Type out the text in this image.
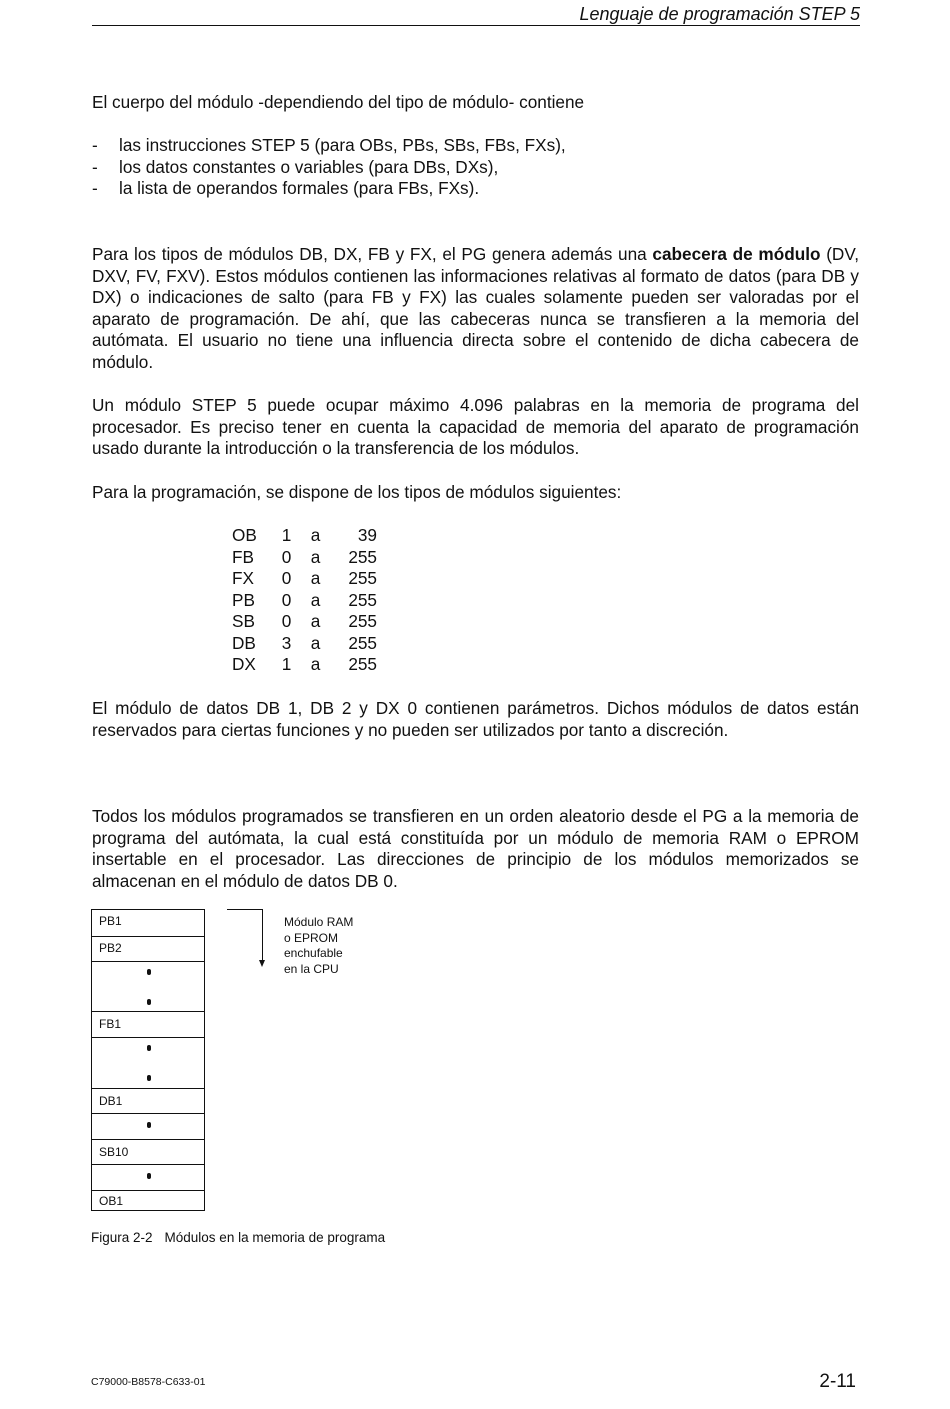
Lenguaje de programación STEP 5

El cuerpo del módulo -dependiendo del tipo de módulo- contiene

- las instrucciones STEP 5 (para OBs, PBs, SBs, FBs, FXs),
- los datos constantes o variables (para DBs, DXs),
- la lista de operandos formales (para FBs, FXs).

Para los tipos de módulos DB, DX, FB y FX, el PG genera además una cabecera de módulo (DV, DXV, FV, FXV). Estos módulos contienen las informaciones relativas al formato de datos (para DB y DX) o indicaciones de salto (para FB y FX) las cuales solamente pueden ser valoradas por el aparato de programación. De ahí, que las cabeceras nunca se transfieren a la memoria del autómata. El usuario no tiene una influencia directa sobre el contenido de dicha cabecera de módulo.

Un módulo STEP 5 puede ocupar máximo 4.096 palabras en la memoria de programa del procesador. Es preciso tener en cuenta la capacidad de memoria del aparato de programación usado durante la introducción o la transferencia de los módulos.

Para la programación, se dispone de los tipos de módulos siguientes:

OB	1	a	39
FB	0	a	255
FX	0	a	255
PB	0	a	255
SB	0	a	255
DB	3	a	255
DX	1	a	255

El módulo de datos DB 1, DB 2 y DX 0 contienen parámetros. Dichos módulos de datos están reservados para ciertas funciones y no pueden ser utilizados por tanto a discreción.

Todos los módulos programados se transfieren en un orden aleatorio desde el PG a la memoria de programa del autómata, la cual está constituída por un módulo de memoria RAM o EPROM insertable en el procesador. Las direcciones de principio de los módulos memorizados se almacenan en el módulo de datos DB 0.

PB1
PB2
FB1
DB1
SB10
OB1
Módulo RAM
o EPROM
enchufable
en la CPU
Figura 2-2 Módulos en la memoria de programa
C79000-B8578-C633-01	2-11
